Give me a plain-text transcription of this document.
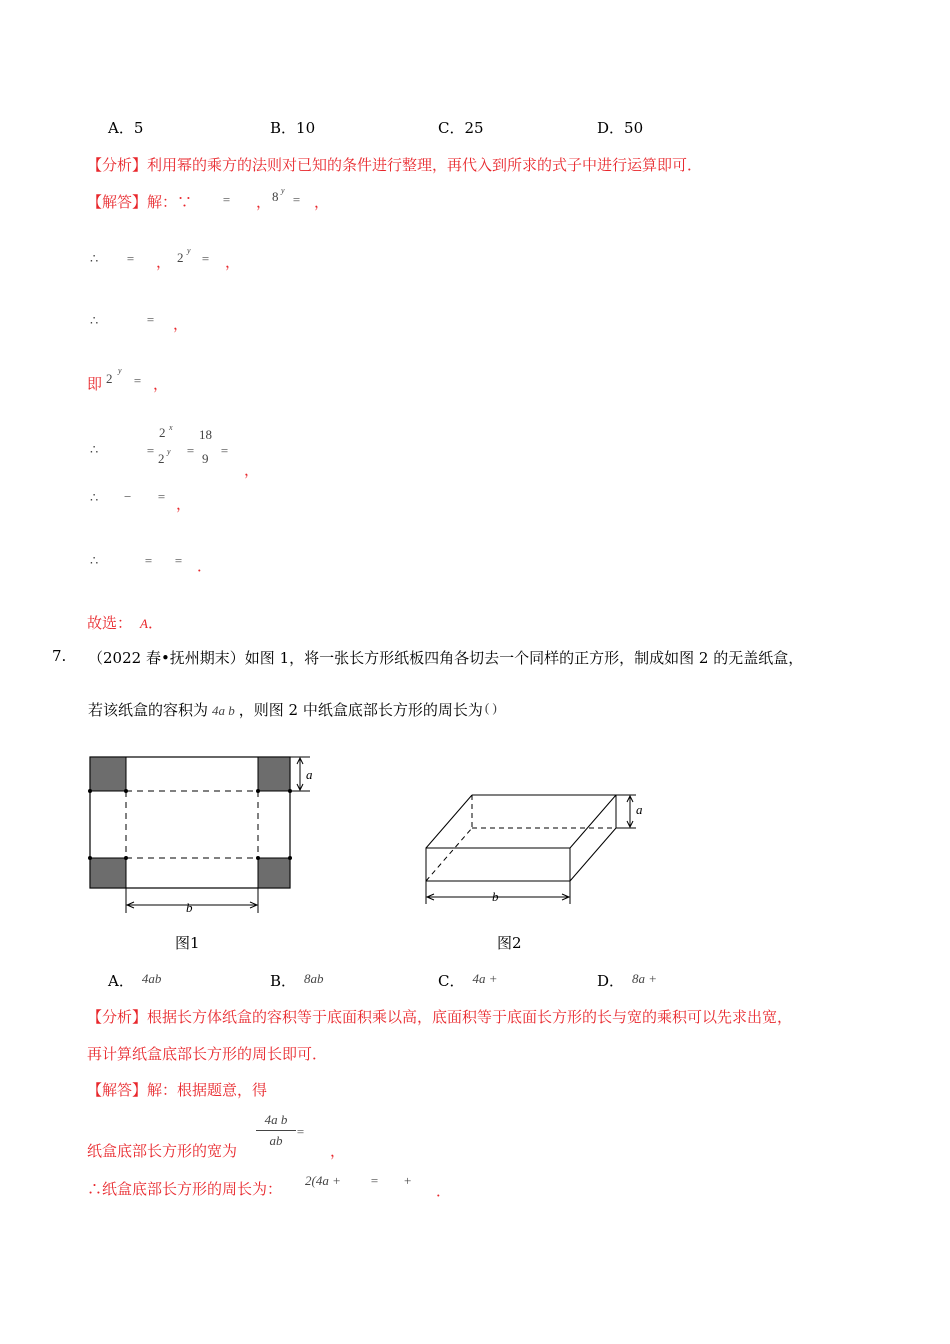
A．5	B．10	C．25	D．50
【分析】利用幂的乘方的法则对已知的条件进行整理，再代入到所求的式子中进行运算即可．
【解答】解：∵ = ， 8 y
= ，
∴ = ， 2 y
= ，
∴	= ，
即 2
y
= ，
∴	=
2 x
2 y =
18
9
=
，
∴ − = ，
∴	= = ．
故选： A．
7. （2022 春•抚州期末）如图 1，将一张长方形纸板四角各切去一个同样的正方形，制成如图 2 的无盖纸盒，
若该纸盒的容积为 4a b ，则图 2 中纸盒底部长方形的周长为 ( )
a
b
图1
a
b
图2
A． 4ab	B． 8ab	C． 4a +	D． 8a +
【分析】根据长方体纸盒的容积等于底面积乘以高，底面积等于底面长方形的长与宽的乘积可以先求出宽，
再计算纸盒底部长方形的周长即可．
【解答】解：根据题意，得
纸盒底部长方形的宽为
4a b
ab
=
，
∴纸盒底部长方形的周长为： 2(4a + = +
．
